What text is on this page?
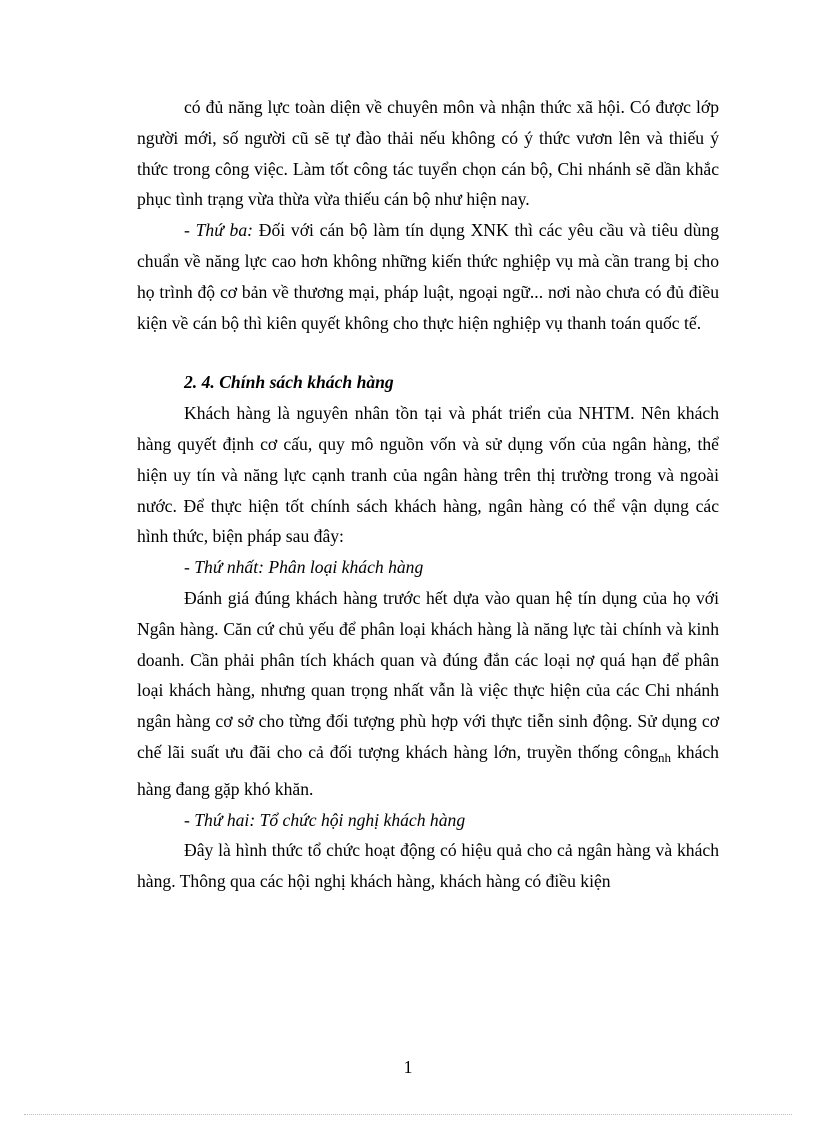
có đủ năng lực toàn diện về chuyên môn và nhận thức xã hội. Có được lớp người mới, số người cũ sẽ tự đào thải nếu không có ý thức vươn lên và thiếu ý thức trong công việc. Làm tốt công tác tuyển chọn cán bộ, Chi nhánh sẽ dần khắc phục tình trạng vừa thừa vừa thiếu cán bộ như hiện nay.

- Thứ ba: Đối với cán bộ làm tín dụng XNK thì các yêu cầu và tiêu dùng chuẩn về năng lực cao hơn không những kiến thức nghiệp vụ mà cần trang bị cho họ trình độ cơ bản về thương mại, pháp luật, ngoại ngữ... nơi nào chưa có đủ điều kiện về cán bộ thì kiên quyết không cho thực hiện nghiệp vụ thanh toán quốc tế.

2. 4. Chính sách khách hàng

Khách hàng là nguyên nhân tồn tại và phát triển của NHTM. Nên khách hàng quyết định cơ cấu, quy mô nguồn vốn và sử dụng vốn của ngân hàng, thể hiện uy tín và năng lực cạnh tranh của ngân hàng trên thị trường trong và ngoài nước. Để thực hiện tốt chính sách khách hàng, ngân hàng có thể vận dụng các hình thức, biện pháp sau đây:

- Thứ nhất: Phân loại khách hàng

Đánh giá đúng khách hàng trước hết dựa vào quan hệ tín dụng của họ với Ngân hàng. Căn cứ chủ yếu để phân loại khách hàng là năng lực tài chính và kinh doanh. Cần phải phân tích khách quan và đúng đắn các loại nợ quá hạn để phân loại khách hàng, nhưng quan trọng nhất vẫn là việc thực hiện của các Chi nhánh ngân hàng cơ sở cho từng đối tượng phù hợp với thực tiễn sinh động. Sử dụng cơ chế lãi suất ưu đãi cho cả đối tượng khách hàng lớn, truyền thống công$_{nh}$ khách hàng đang gặp khó khăn.

- Thứ hai: Tổ chức hội nghị khách hàng

Đây là hình thức tổ chức hoạt động có hiệu quả cho cả ngân hàng và khách hàng. Thông qua các hội nghị khách hàng, khách hàng có điều kiện

1
